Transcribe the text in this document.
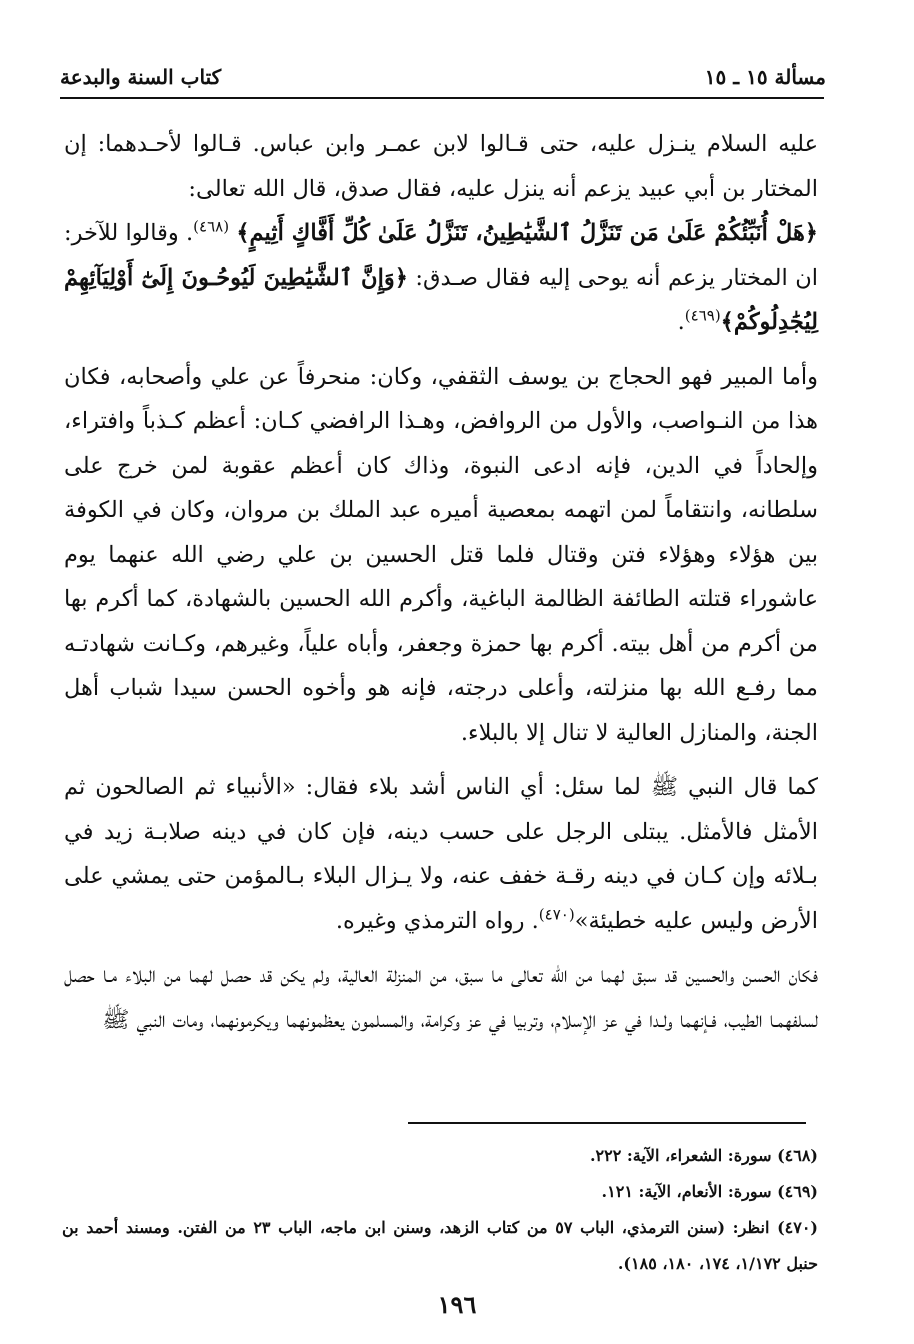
مسألة ١٥ ـ ١٥
كتاب السنة والبدعة

عليه السلام ينـزل عليه، حتى قـالوا لابن عمـر وابن عباس. قـالوا لأحـدهما: إن المختار بن أبي عبيد يزعم أنه ينزل عليه، فقال صدق، قال الله تعالى:
﴿هَلْ أُنَبِّئُكُمْ عَلَىٰ مَن تَنَزَّلُ ٱلشَّيَٰطِينُ، تَنَزَّلُ عَلَىٰ كُلِّ أَفَّاكٍ أَثِيمٍ﴾ $^{(٤٦٨)}$. وقالوا للآخر: ان المختار يزعم أنه يوحى إليه فقال صـدق: ﴿وَإِنَّ ٱلشَّيَٰطِينَ لَيُوحُـونَ إِلَىٰٓ أَوْلِيَآئِهِمْ لِيُجَٰدِلُوكُمْ﴾$^{(٤٦٩)}$.

وأما المبير فهو الحجاج بن يوسف الثقفي، وكان: منحرفاً عن علي وأصحابه، فكان هذا من النـواصب، والأول من الروافض، وهـذا الرافضي كـان: أعظم كـذباً وافتراء، وإلحاداً في الدين، فإنه ادعى النبوة، وذاك كان أعظم عقوبة لمن خرج على سلطانه، وانتقاماً لمن اتهمه بمعصية أميره عبد الملك بن مروان، وكان في الكوفة بين هؤلاء وهؤلاء فتن وقتال فلما قتل الحسين بن علي رضي الله عنهما يوم عاشوراء قتلته الطائفة الظالمة الباغية، وأكرم الله الحسين بالشهادة، كما أكرم بها من أكرم من أهل بيته. أكرم بها حمزة وجعفر، وأباه علياً، وغيرهم، وكـانت شهادتـه مما رفـع الله بها منزلته، وأعلى درجته، فإنه هو وأخوه الحسن سيدا شباب أهل الجنة، والمنازل العالية لا تنال إلا بالبلاء.

كما قال النبي ﷺ لما سئل: أي الناس أشد بلاء فقال: «الأنبياء ثم الصالحون ثم الأمثل فالأمثل. يبتلى الرجل على حسب دينه، فإن كان في دينه صلابـة زيد في بـلائه وإن كـان في دينه رقـة خفف عنه، ولا يـزال البلاء بـالمؤمن حتى يمشي على الأرض وليس عليه خطيئة»$^{(٤٧٠)}$. رواه الترمذي وغيره.

فكان الحسن والحسين قد سبق لهما من الله تعالى ما سبق، من المنزلة العالية، ولم يكن قد حصل لهما من البلاء مـا حصل لسلفهمـا الطيب، فـإنهما ولـدا في عز الإسلام، وتربيا في عز وكرامة، والمسلمون يعظمونهما ويكرمونهما، ومات النبي ﷺ

(٤٦٨) سورة: الشعراء، الآية: ٢٢٢.

(٤٦٩) سورة: الأنعام، الآية: ١٢١.

(٤٧٠) انظر: (سنن الترمذي، الباب ٥٧ من كتاب الزهد، وسنن ابن ماجه، الباب ٢٣ من الفتن. ومسند أحمد بن حنبل ١/١٧٢، ١٧٤، ١٨٠، ١٨٥).

١٩٦
